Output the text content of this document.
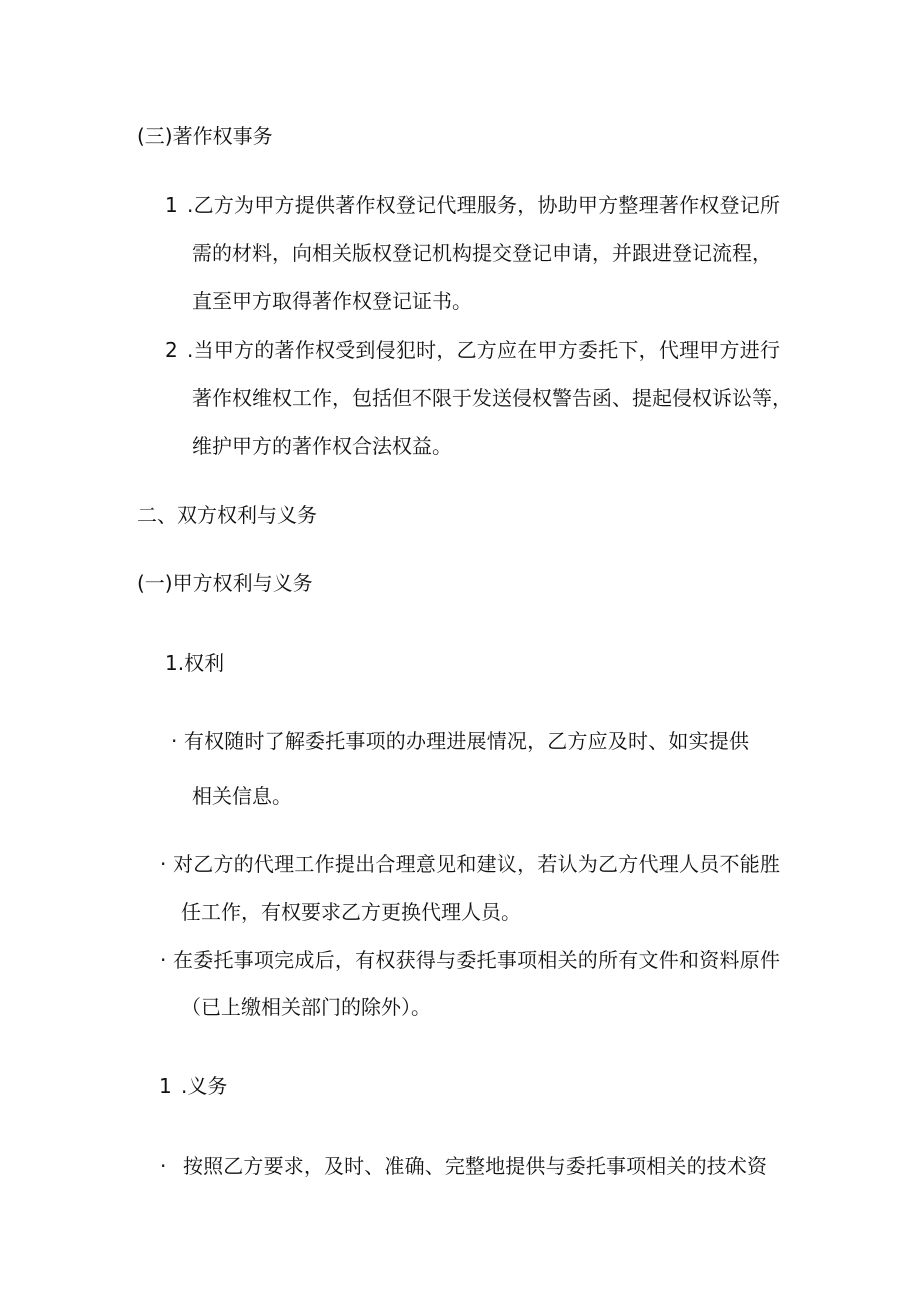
(三)著作权事务
1 .乙方为甲方提供著作权登记代理服务，协助甲方整理著作权登记所
需的材料，向相关版权登记机构提交登记申请，并跟进登记流程，
直至甲方取得著作权登记证书。
2 .当甲方的著作权受到侵犯时，乙方应在甲方委托下，代理甲方进行
著作权维权工作，包括但不限于发送侵权警告函、提起侵权诉讼等，
维护甲方的著作权合法权益。
二、双方权利与义务
(一)甲方权利与义务
1.权利
· 有权随时了解委托事项的办理进展情况，乙方应及时、如实提供
相关信息。
· 对乙方的代理工作提出合理意见和建议，若认为乙方代理人员不能胜
任工作，有权要求乙方更换代理人员。
· 在委托事项完成后，有权获得与委托事项相关的所有文件和资料原件
（已上缴相关部门的除外）。
1 .义务
· 按照乙方要求，及时、准确、完整地提供与委托事项相关的技术资
